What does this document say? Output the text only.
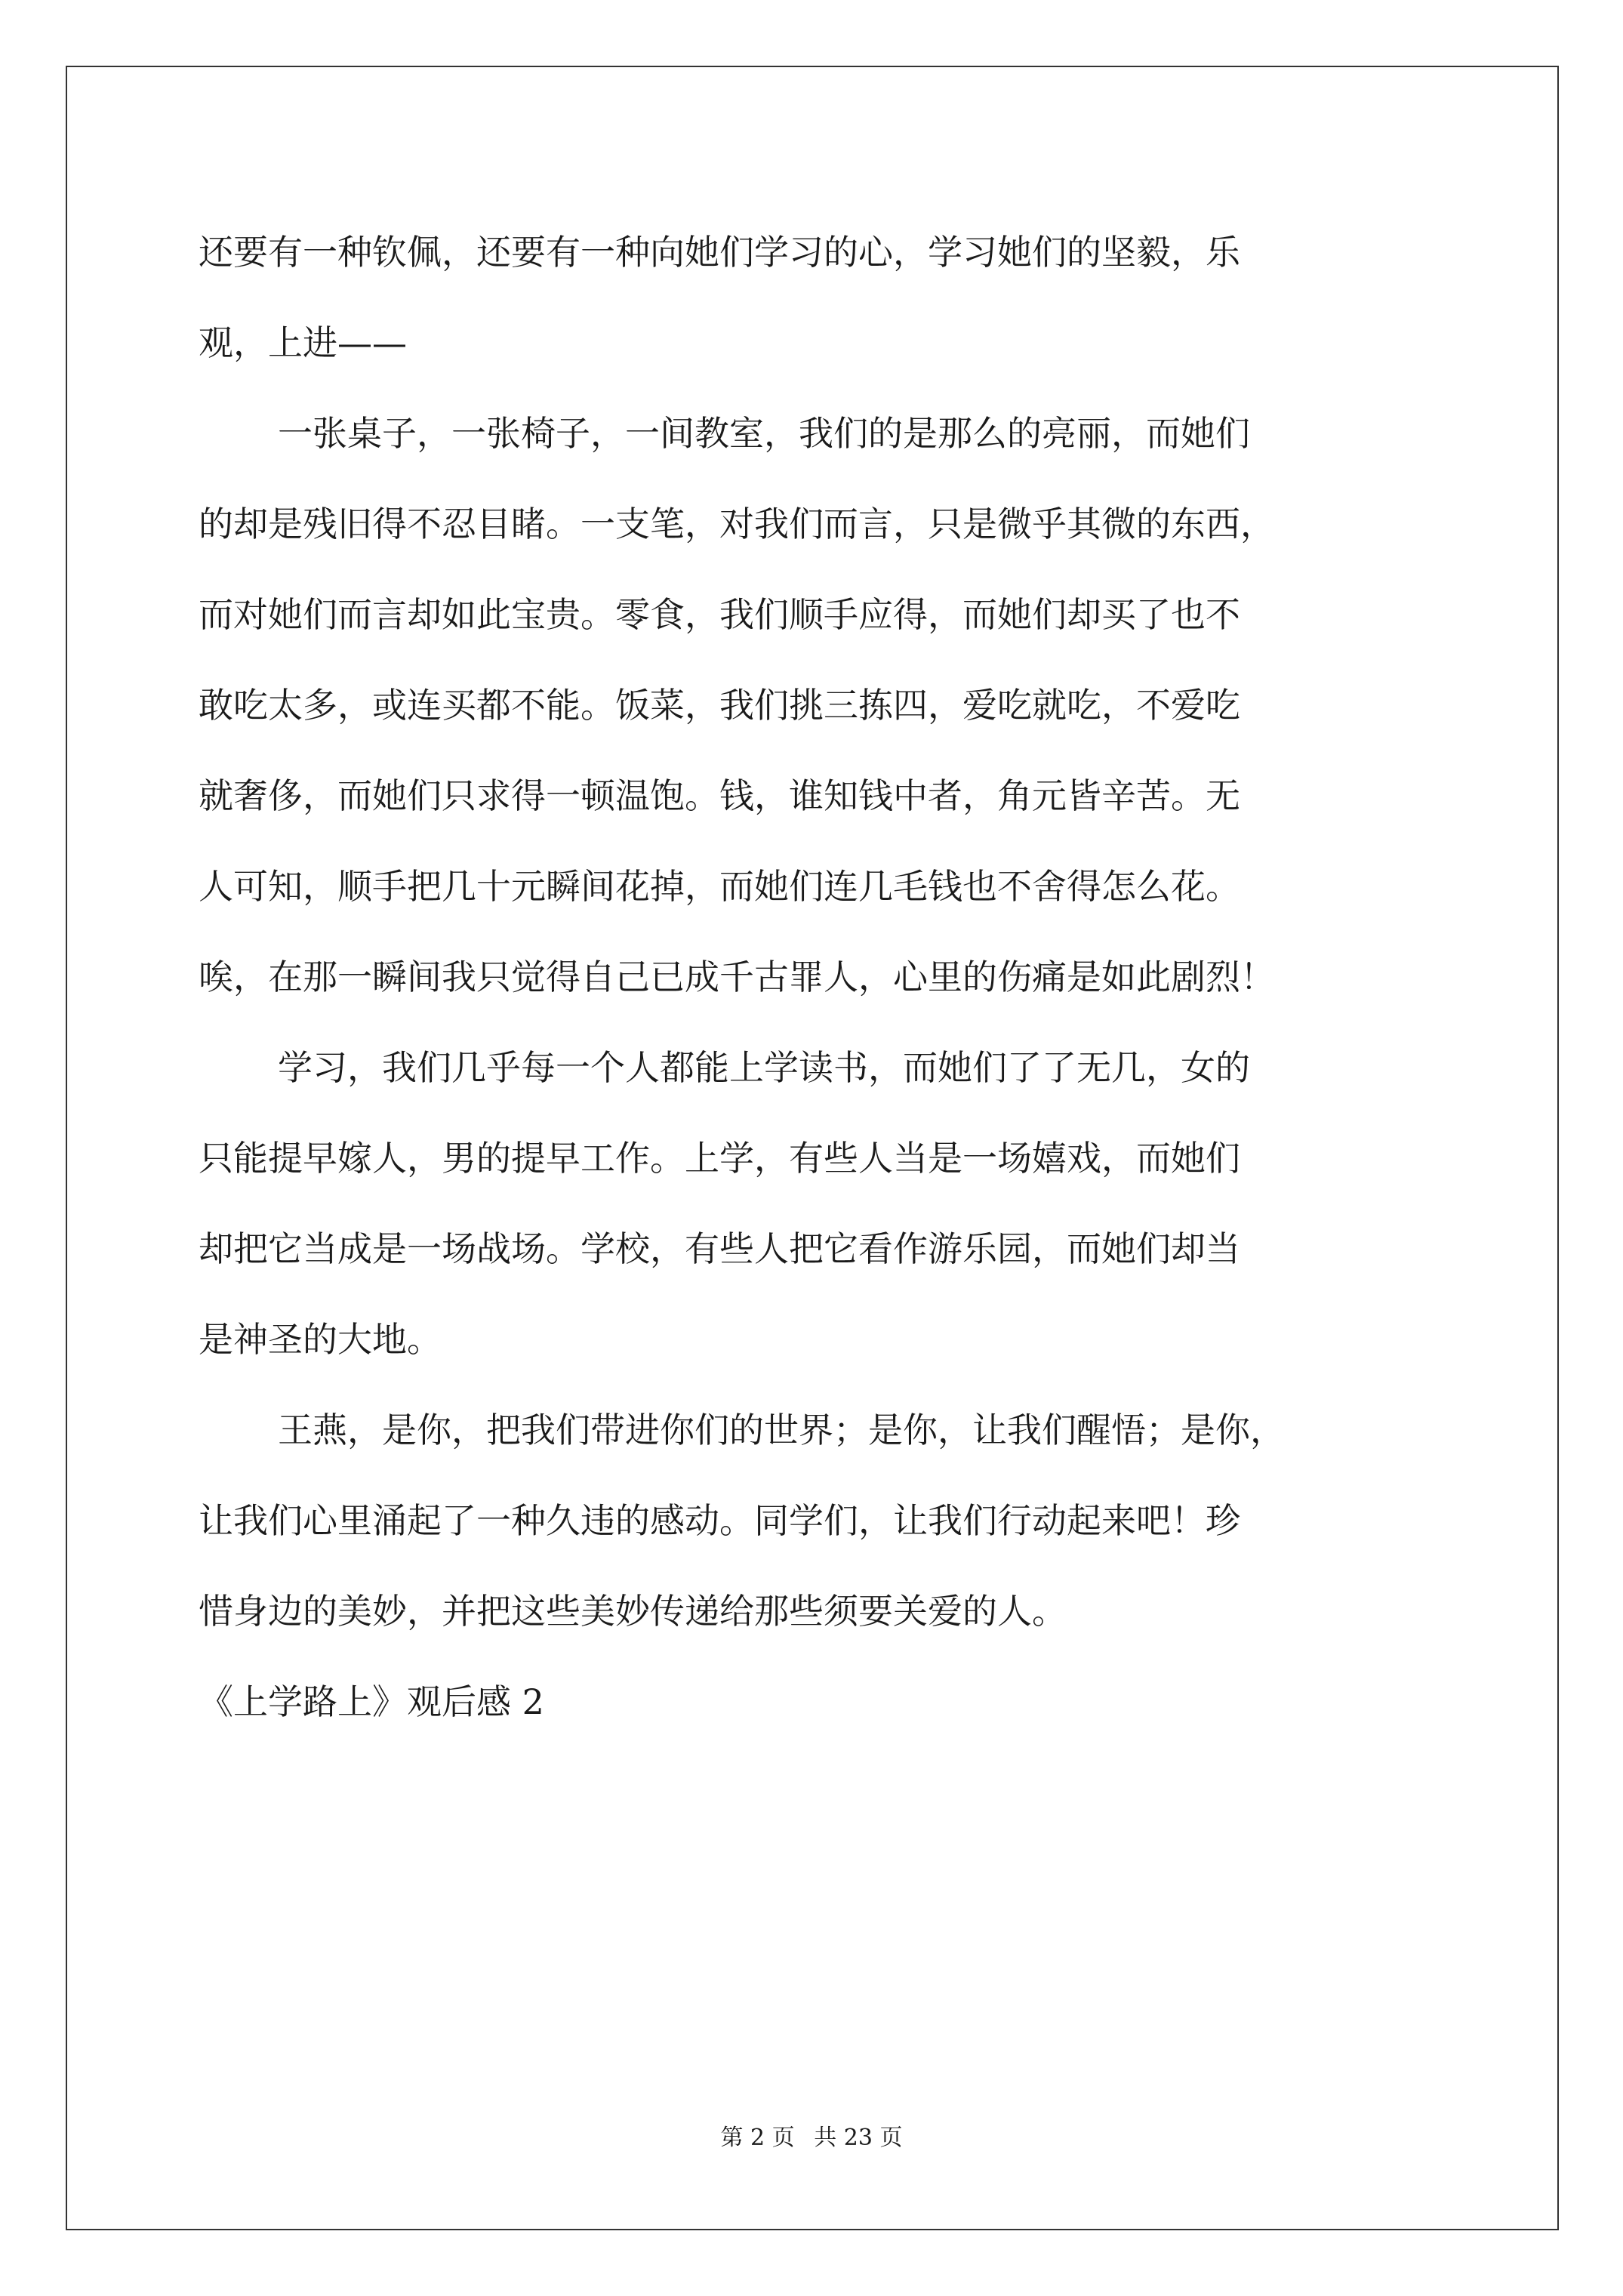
还要有一种钦佩，还要有一种向她们学习的心，学习她们的坚毅，乐
观，上进——
一张桌子，一张椅子，一间教室，我们的是那么的亮丽，而她们
的却是残旧得不忍目睹。一支笔，对我们而言，只是微乎其微的东西，
而对她们而言却如此宝贵。零食，我们顺手应得，而她们却买了也不
敢吃太多，或连买都不能。饭菜，我们挑三拣四，爱吃就吃，不爱吃
就奢侈，而她们只求得一顿温饱。钱，谁知钱中者，角元皆辛苦。无
人可知，顺手把几十元瞬间花掉，而她们连几毛钱也不舍得怎么花。
唉，在那一瞬间我只觉得自己已成千古罪人，心里的伤痛是如此剧烈！
学习，我们几乎每一个人都能上学读书，而她们了了无几，女的
只能提早嫁人，男的提早工作。上学，有些人当是一场嬉戏，而她们
却把它当成是一场战场。学校，有些人把它看作游乐园，而她们却当
是神圣的大地。
王燕，是你，把我们带进你们的世界；是你，让我们醒悟；是你，
让我们心里涌起了一种久违的感动。同学们，让我们行动起来吧！珍
惜身边的美妙，并把这些美妙传递给那些须要关爱的人。
《上学路上》观后感 2
第 2 页 共 23 页
